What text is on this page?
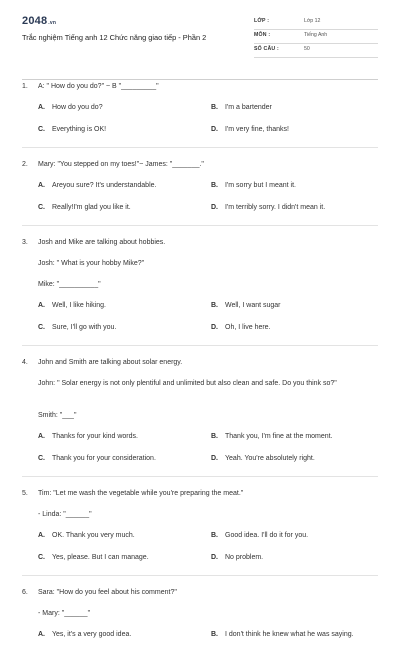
2048.vn
Trắc nghiệm Tiếng anh 12 Chức năng giao tiếp - Phần 2
LỚP :	Lớp 12
MÔN :	Tiếng Anh
SỐ CÂU :	50
1. A: " How do you do?" ~ B "_________"
A. How do you do?	B. I'm a bartender
C. Everything is OK!	D. I'm very fine, thanks!
2. Mary: "You stepped on my toes!"~ James: "_______."
A. Areyou sure? It's understandable.	B. I'm sorry but I meant it.
C. Really!I'm glad you like it.	D. I'm terribly sorry. I didn't mean it.
3. Josh and Mike are talking about hobbies.
Josh: " What is your hobby Mike?"
Mike: "__________"
A. Well, I like hiking.	B. Well, I want sugar
C. Sure, I'll go with you.	D. Oh, I live here.
4. John and Smith are talking about solar energy.
John: " Solar energy is not only plentiful and unlimited but also clean and safe. Do you think so?"
Smith: "___"
A. Thanks for your kind words.	B. Thank you, I'm fine at the moment.
C. Thank you for your consideration.	D. Yeah. You're absolutely right.
5. Tim: "Let me wash the vegetable while you're preparing the meat."
- Linda: "______"
A. OK. Thank you very much.	B. Good idea. I'll do it for you.
C. Yes, please. But I can manage.	D. No problem.
6. Sara: "How do you feel about his comment?"
- Mary: "______"
A. Yes, it's a very good idea.	B. I don't think he knew what he was saying.
